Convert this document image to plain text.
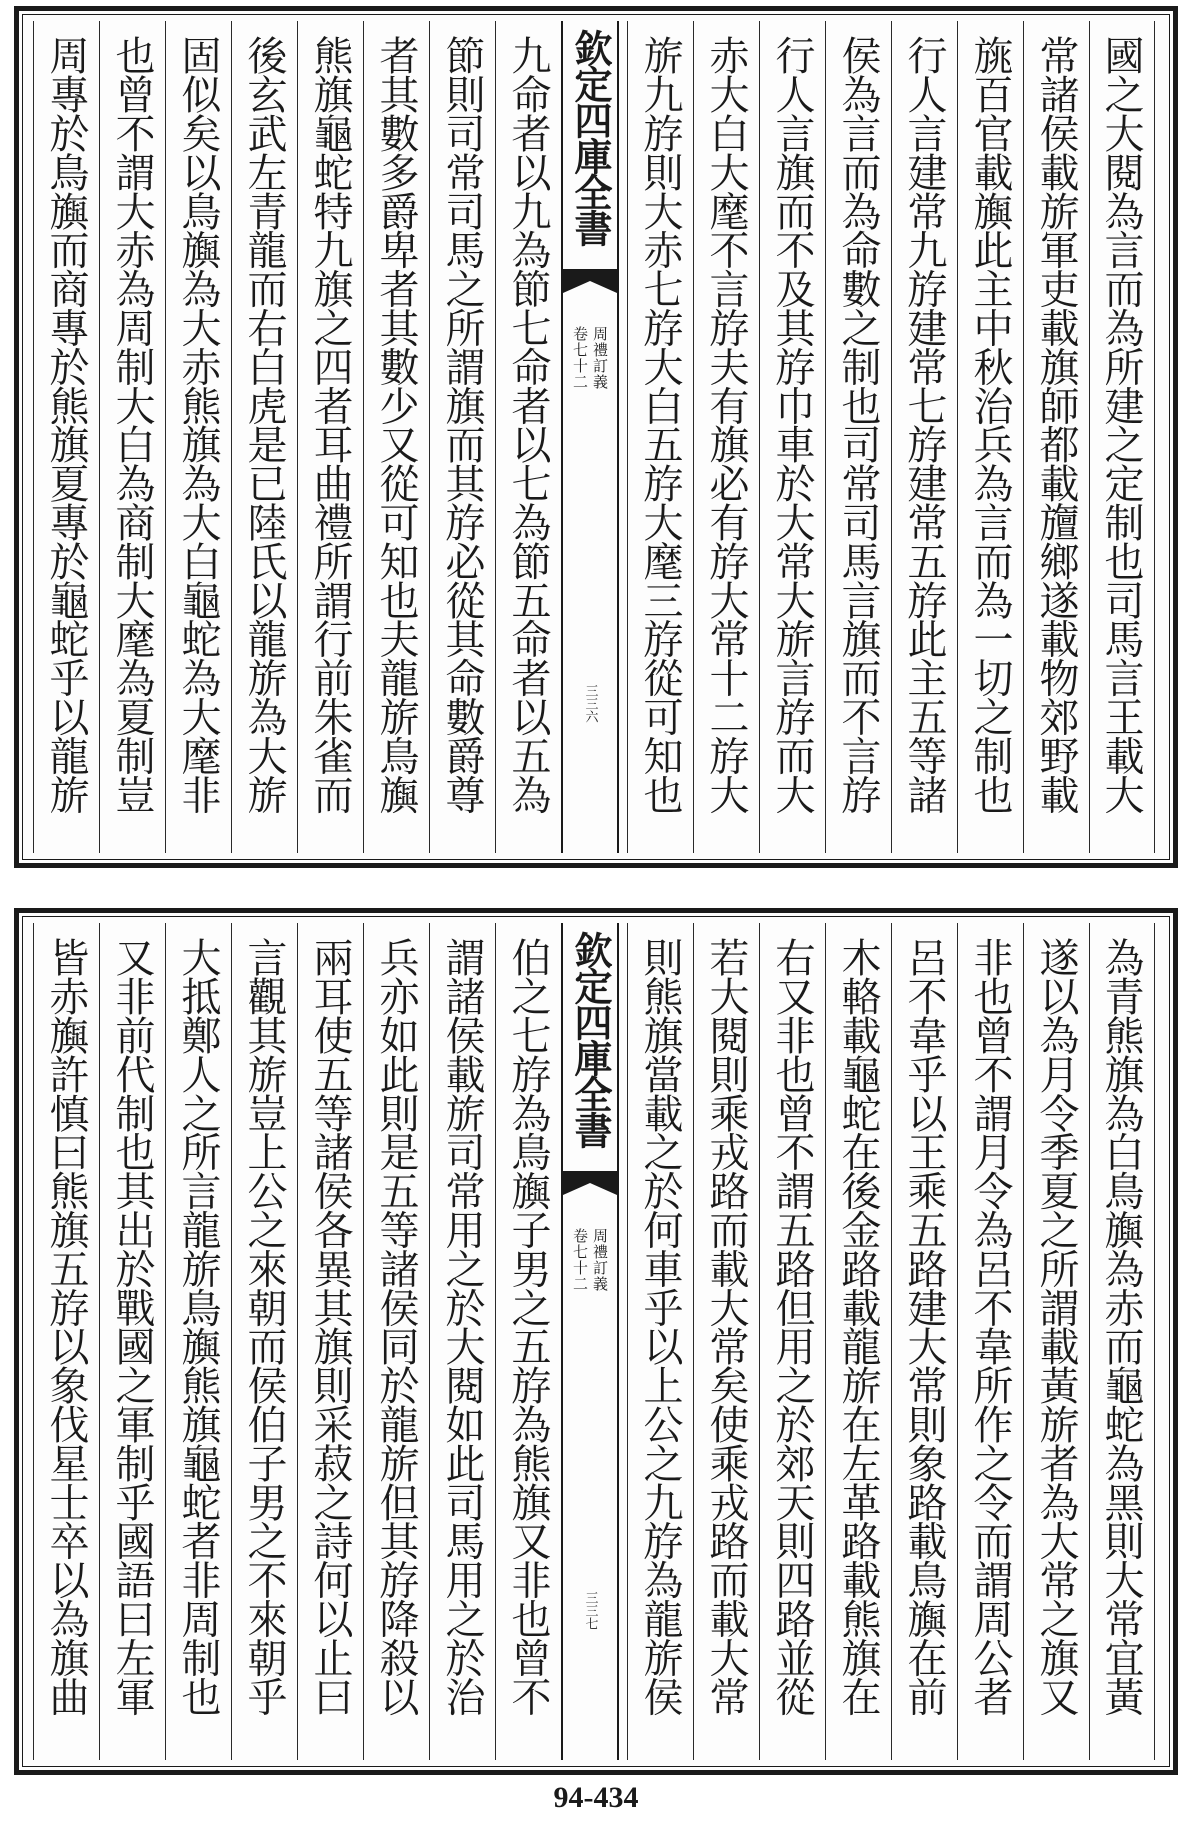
國之大閱為言而為所建之定制也司馬言王載大
常諸侯載旂軍吏載旗師都載旜鄉遂載物郊野載
旐百官載旟此主中秋治兵為言而為一切之制也
行人言建常九斿建常七斿建常五斿此主五等諸
侯為言而為命數之制也司常司馬言旗而不言斿
行人言旗而不及其斿巾車於大常大旂言斿而大
赤大白大麾不言斿夫有旗必有斿大常十二斿大
旂九斿則大赤七斿大白五斿大麾三斿從可知也
欽定四庫全書
周禮訂義
卷七十二
三三六
九命者以九為節七命者以七為節五命者以五為
節則司常司馬之所謂旗而其斿必從其命數爵尊
者其數多爵卑者其數少又從可知也夫龍旂鳥旟
熊旗龜蛇特九旗之四者耳曲禮所謂行前朱雀而
後玄武左青龍而右白虎是已陸氏以龍旂為大旂
固似矣以鳥旟為大赤熊旗為大白龜蛇為大麾非
也曾不謂大赤為周制大白為商制大麾為夏制豈
周專於鳥旟而商專於熊旗夏專於龜蛇乎以龍旂
為青熊旗為白鳥旟為赤而龜蛇為黑則大常宜黃
遂以為月令季夏之所謂載黃旂者為大常之旗又
非也曾不謂月令為呂不韋所作之令而謂周公者
呂不韋乎以王乘五路建大常則象路載鳥旟在前
木輅載龜蛇在後金路載龍旂在左革路載熊旗在
右又非也曾不謂五路但用之於郊天則四路並從
若大閱則乘戎路而載大常矣使乘戎路而載大常
則熊旗當載之於何車乎以上公之九斿為龍旂侯
欽定四庫全書
周禮訂義
卷七十二
三三七
伯之七斿為鳥旟子男之五斿為熊旗又非也曾不
謂諸侯載旂司常用之於大閱如此司馬用之於治
兵亦如此則是五等諸侯同於龍旂但其斿降殺以
兩耳使五等諸侯各異其旗則采菽之詩何以止曰
言觀其旂豈上公之來朝而侯伯子男之不來朝乎
大抵鄭人之所言龍旂鳥旟熊旗龜蛇者非周制也
又非前代制也其出於戰國之軍制乎國語曰左軍
皆赤旟許慎曰熊旗五斿以象伐星士卒以為旗曲
94-434
